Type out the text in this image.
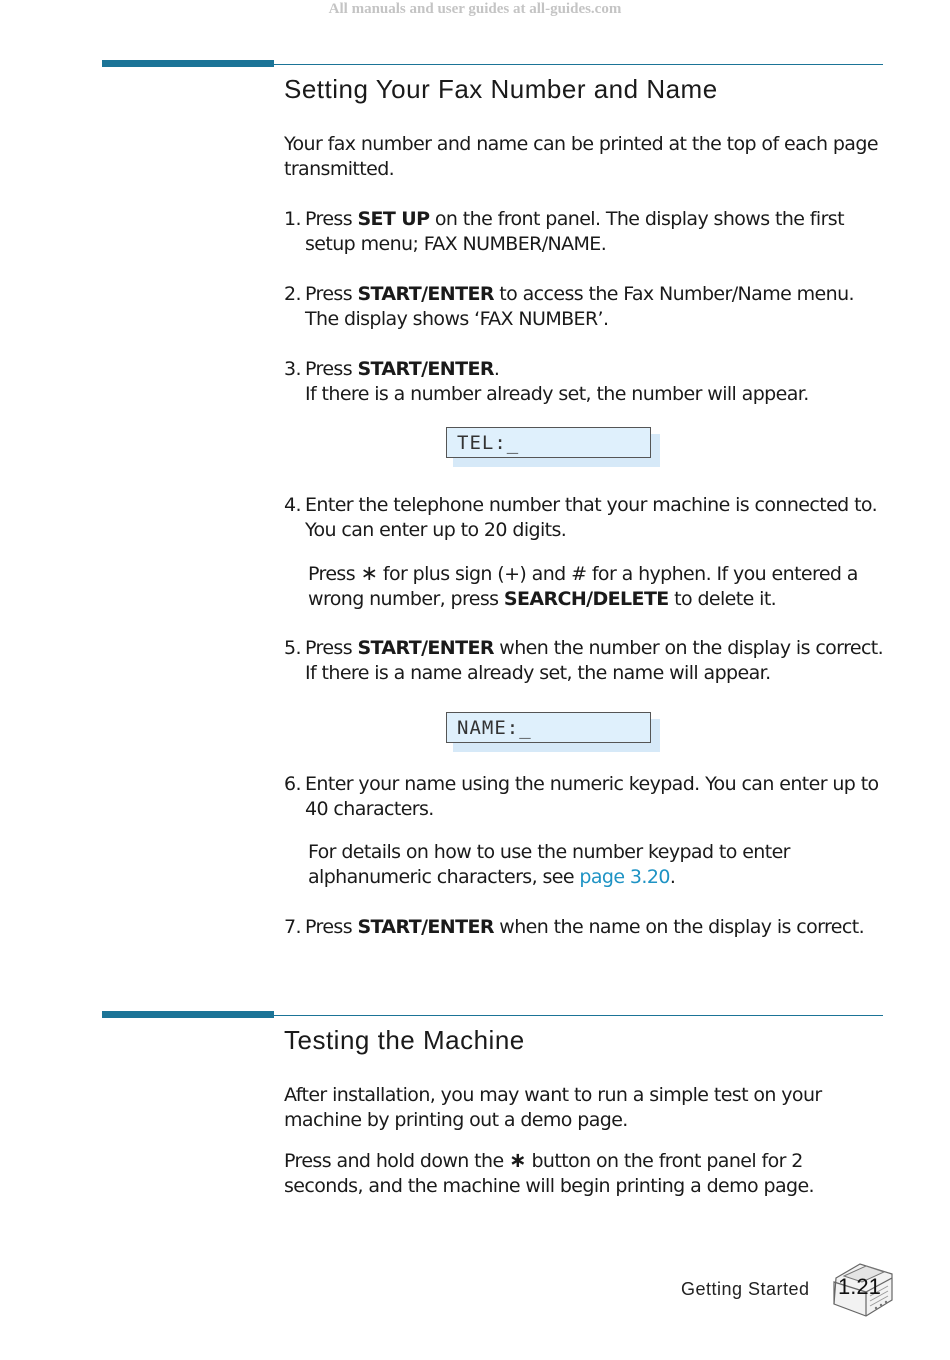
All manuals and user guides at all-guides.com
Setting Your Fax Number and Name

Your fax number and name can be printed at the top of each page transmitted.

1. Press SET UP on the front panel. The display shows the first setup menu; FAX NUMBER/NAME.
2. Press START/ENTER to access the Fax Number/Name menu.
The display shows ‘FAX NUMBER’.
3. Press START/ENTER.
If there is a number already set, the number will appear.
TEL:_
4. Enter the telephone number that your machine is connected to. You can enter up to 20 digits.
Press ∗ for plus sign (+) and # for a hyphen. If you entered a wrong number, press SEARCH/DELETE to delete it.
5. Press START/ENTER when the number on the display is correct.
If there is a name already set, the name will appear.
NAME:_
6. Enter your name using the numeric keypad. You can enter up to 40 characters.
For details on how to use the number keypad to enter alphanumeric characters, see page 3.20.
7. Press START/ENTER when the name on the display is correct.
Testing the Machine

After installation, you may want to run a simple test on your machine by printing out a demo page.

Press and hold down the ∗ button on the front panel for 2 seconds, and the machine will begin printing a demo page.

Getting Started 1.21
